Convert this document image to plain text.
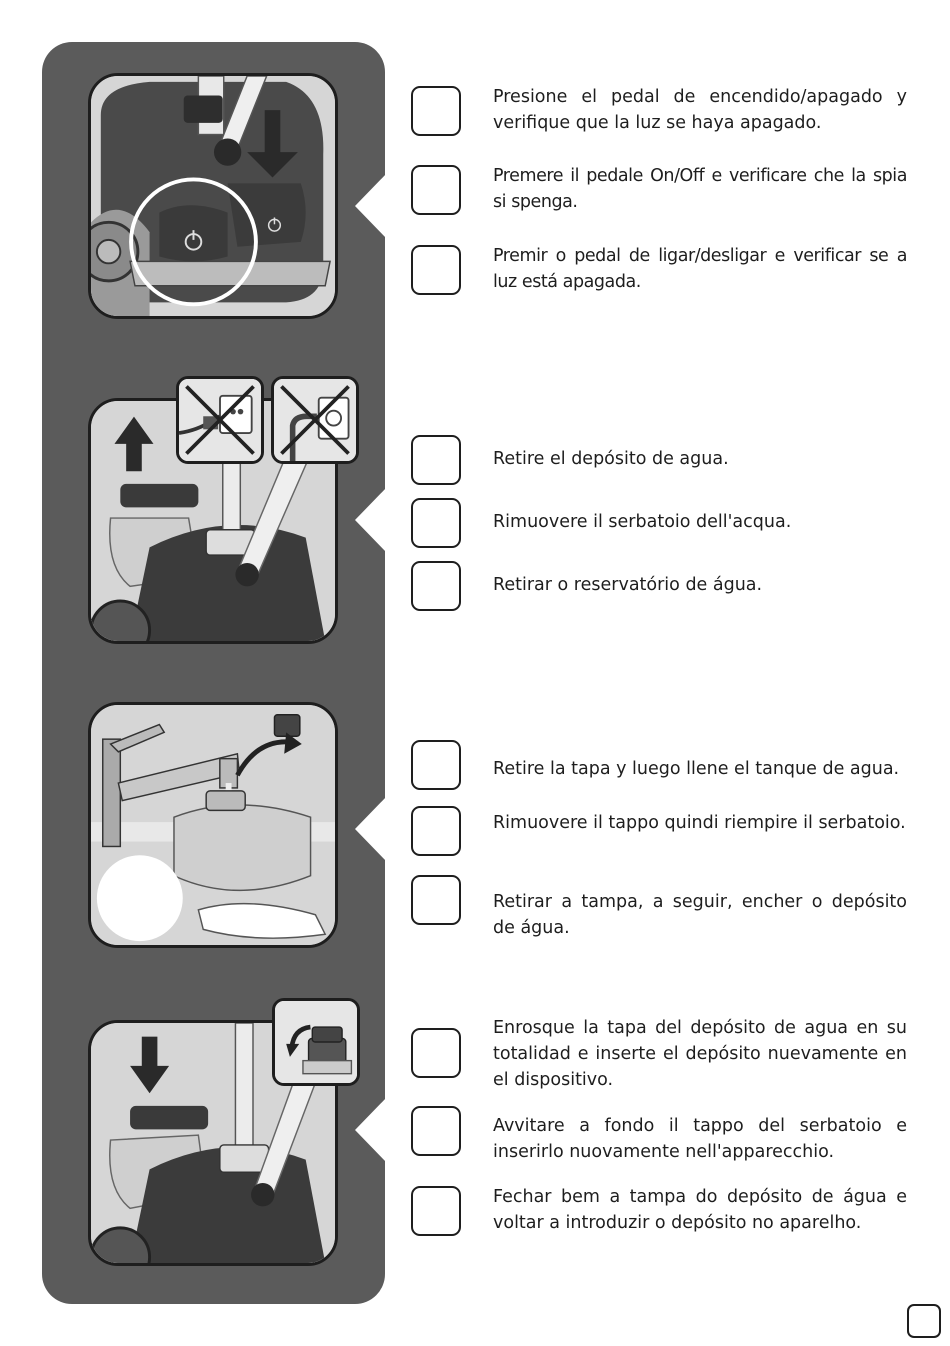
Presione el pedal de encendido/apagado y verifique que la luz se haya apagado.
Premere il pedale On/Off e verificare che la spia si spenga.
Premir o pedal de ligar/desligar e verificar se a luz está apagada.
Retire el depósito de agua.
Rimuovere il serbatoio dell'acqua.
Retirar o reservatório de água.
Retire la tapa y luego llene el tanque de agua.
Rimuovere il tappo quindi riempire il serbatoio.
Retirar a tampa, a seguir, encher o depósito de água.
Enrosque la tapa del depósito de agua en su totalidad e inserte el depósito nuevamente en el dispositivo.
Avvitare a fondo il tappo del serbatoio e inserirlo nuovamente nell'apparecchio.
Fechar bem a tampa do depósito de água e voltar a introduzir o depósito no aparelho.
